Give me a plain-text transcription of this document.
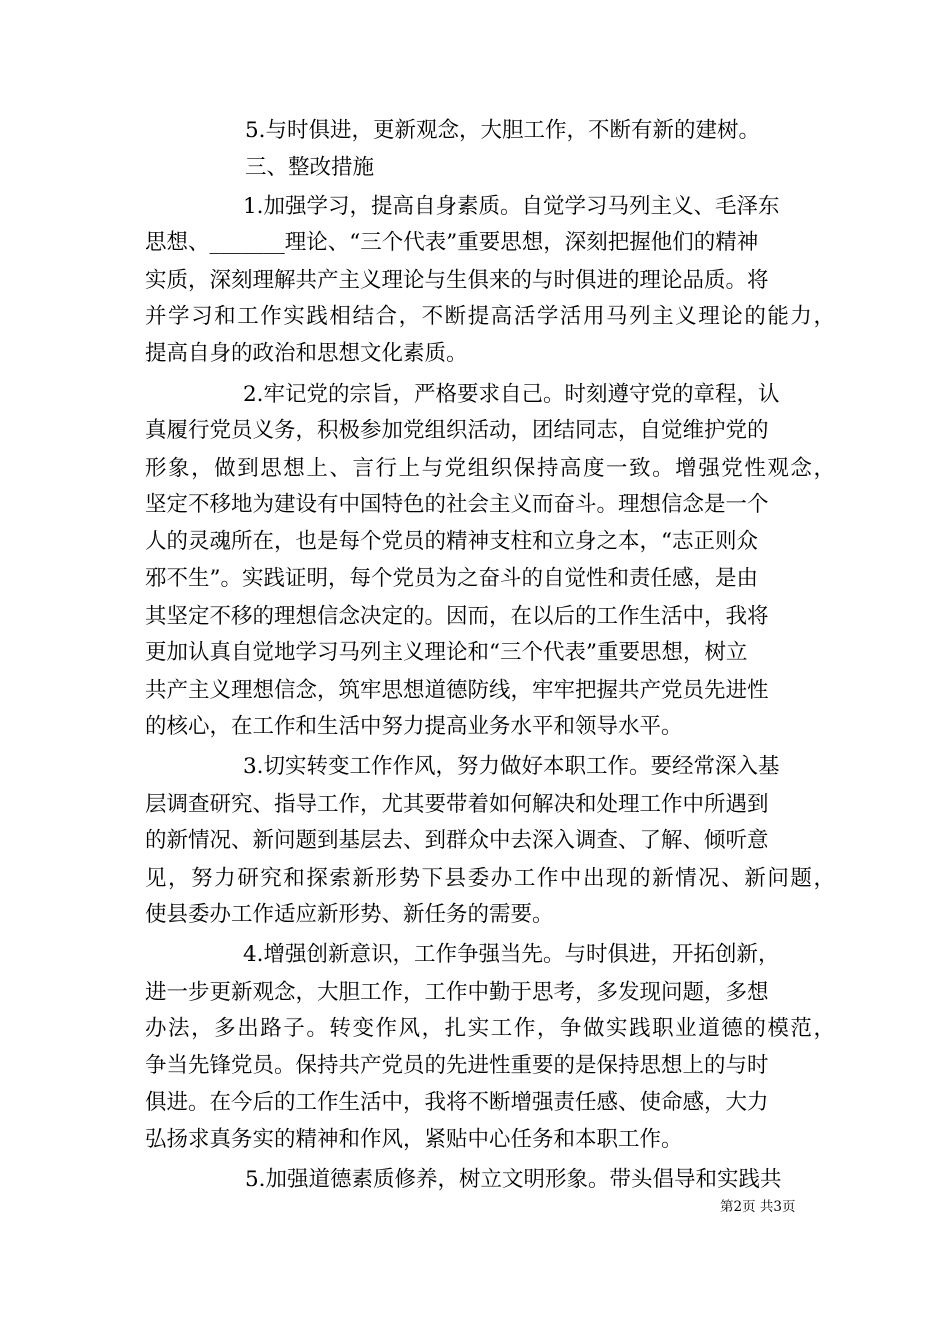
5.与时俱进，更新观念，大胆工作，不断有新的建树。
三、整改措施
1.加强学习，提高自身素质。自觉学习马列主义、毛泽东
思想、_______理论、“三个代表”重要思想，深刻把握他们的精神
实质，深刻理解共产主义理论与生俱来的与时俱进的理论品质。将
并学习和工作实践相结合，不断提高活学活用马列主义理论的能力，
提高自身的政治和思想文化素质。
2.牢记党的宗旨，严格要求自己。时刻遵守党的章程，认
真履行党员义务，积极参加党组织活动，团结同志，自觉维护党的
形象，做到思想上、言行上与党组织保持高度一致。增强党性观念，
坚定不移地为建设有中国特色的社会主义而奋斗。理想信念是一个
人的灵魂所在，也是每个党员的精神支柱和立身之本，“志正则众
邪不生”。实践证明，每个党员为之奋斗的自觉性和责任感，是由
其坚定不移的理想信念决定的。因而，在以后的工作生活中，我将
更加认真自觉地学习马列主义理论和“三个代表”重要思想，树立
共产主义理想信念，筑牢思想道德防线，牢牢把握共产党员先进性
的核心，在工作和生活中努力提高业务水平和领导水平。
3.切实转变工作作风，努力做好本职工作。要经常深入基
层调查研究、指导工作，尤其要带着如何解决和处理工作中所遇到
的新情况、新问题到基层去、到群众中去深入调查、了解、倾听意
见，努力研究和探索新形势下县委办工作中出现的新情况、新问题，
使县委办工作适应新形势、新任务的需要。
4.增强创新意识，工作争强当先。与时俱进，开拓创新，
进一步更新观念，大胆工作，工作中勤于思考，多发现问题，多想
办法，多出路子。转变作风，扎实工作，争做实践职业道德的模范，
争当先锋党员。保持共产党员的先进性重要的是保持思想上的与时
俱进。在今后的工作生活中，我将不断增强责任感、使命感，大力
弘扬求真务实的精神和作风，紧贴中心任务和本职工作。
5.加强道德素质修养，树立文明形象。带头倡导和实践共
第2页 共3页
